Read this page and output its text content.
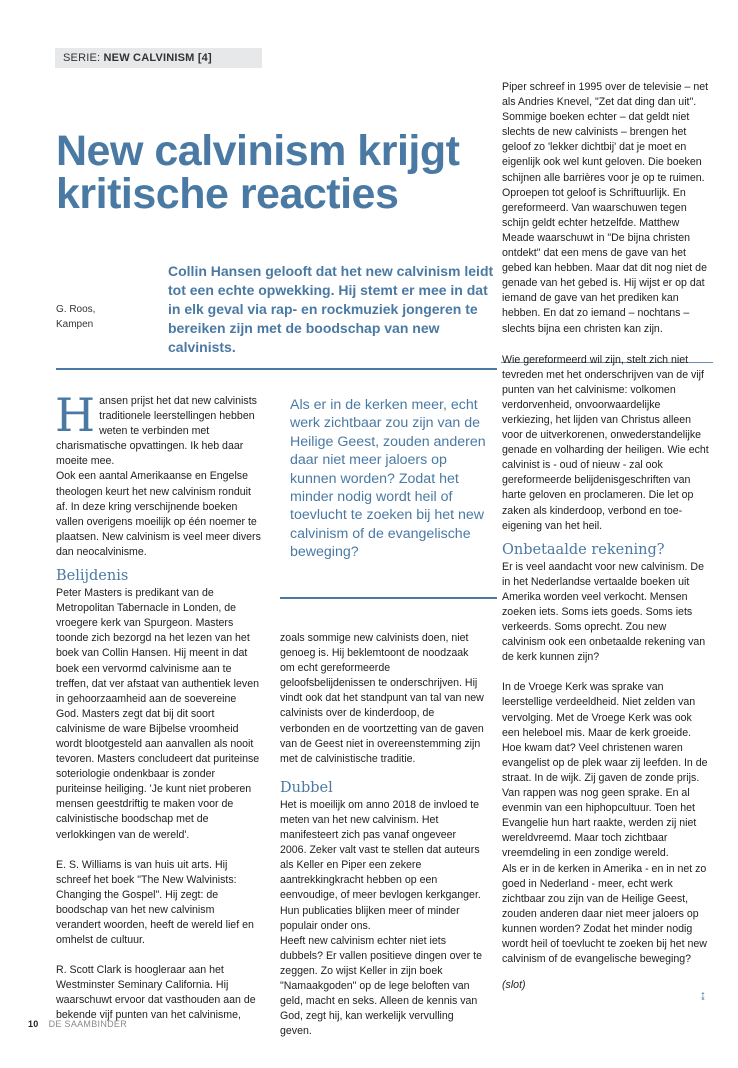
SERIE: NEW CALVINISM [4]
New calvinism krijgt kritische reacties
Collin Hansen gelooft dat het new calvinism leidt tot een echte opwekking. Hij stemt er mee in dat in elk geval via rap- en rockmuziek jongeren te bereiken zijn met de boodschap van new calvinists.
G. Roos,
Kampen

Hansen prijst het dat new calvinists traditionele leerstellingen hebben weten te verbinden met charismatische opvattingen. Ik heb daar moeite mee.

Ook een aantal Amerikaanse en Engelse theologen keurt het new calvinism ronduit af. In deze kring verschijnende boeken vallen overigens moeilijk op één noemer te plaatsen. New calvinism is veel meer divers dan neocalvinisme.

Belijdenis

Peter Masters is predikant van de Metropolitan Tabernacle in Londen, de vroegere kerk van Spurgeon. Masters toonde zich bezorgd na het lezen van het boek van Collin Hansen. Hij meent in dat boek een vervormd calvinisme aan te treffen, dat ver afstaat van authentiek leven in gehoorzaamheid aan de soevereine God. Masters zegt dat bij dit soort calvinisme de ware Bijbelse vroomheid wordt blootgesteld aan aanvallen als nooit tevoren. Masters concludeert dat puriteinse soteriologie ondenkbaar is zonder puriteinse heiliging. 'Je kunt niet proberen mensen geestdriftig te maken voor de calvinistische boodschap met de verlokkingen van de wereld'.

E. S. Williams is van huis uit arts. Hij schreef het boek "The New Walvinists: Changing the Gospel". Hij zegt: de boodschap van het new calvinism verandert woorden, heeft de wereld lief en omhelst de cultuur.

R. Scott Clark is hoogleraar aan het Westminster Seminary California. Hij waarschuwt ervoor dat vasthouden aan de bekende vijf punten van het calvinisme,

Als er in de kerken meer, echt werk zichtbaar zou zijn van de Heilige Geest, zouden anderen daar niet meer jaloers op kunnen worden? Zodat het minder nodig wordt heil of toevlucht te zoeken bij het new calvinism of de evangelische beweging?

zoals sommige new calvinists doen, niet genoeg is. Hij beklemtoont de noodzaak om echt gereformeerde geloofsbelijdenissen te onderschrijven. Hij vindt ook dat het standpunt van tal van new calvinists over de kinderdoop, de verbonden en de voortzetting van de gaven van de Geest niet in overeenstemming zijn met de calvinistische traditie.

Dubbel

Het is moeilijk om anno 2018 de invloed te meten van het new calvinism. Het manifesteert zich pas vanaf ongeveer 2006. Zeker valt vast te stellen dat auteurs als Keller en Piper een zekere aantrekkingkracht hebben op een eenvoudige, of meer bevlogen kerkganger. Hun publicaties blijken meer of minder populair onder ons.

Heeft new calvinism echter niet iets dubbels? Er vallen positieve dingen over te zeggen. Zo wijst Keller in zijn boek "Namaakgoden" op de lege beloften van geld, macht en seks. Alleen de kennis van God, zegt hij, kan werkelijk vervulling geven.

Piper schreef in 1995 over de televisie – net als Andries Knevel, "Zet dat ding dan uit". Sommige boeken echter – dat geldt niet slechts de new calvinists – brengen het geloof zo 'lekker dichtbij' dat je moet en eigenlijk ook wel kunt geloven. Die boeken schijnen alle barrières voor je op te ruimen.

Oproepen tot geloof is Schriftuurlijk. En gereformeerd. Van waarschuwen tegen schijn geldt echter hetzelfde. Matthew Meade waarschuwt in "De bijna christen ontdekt" dat een mens de gave van het gebed kan hebben. Maar dat dit nog niet de genade van het gebed is. Hij wijst er op dat iemand de gave van het prediken kan hebben. En dat zo iemand – nochtans – slechts bijna een christen kan zijn.

Wie gereformeerd wil zijn, stelt zich niet tevreden met het onderschrijven van de vijf punten van het calvinisme: volkomen verdorvenheid, onvoorwaardelijke verkiezing, het lijden van Christus alleen voor de uitverkorenen, onwederstandelijke genade en volharding der heiligen. Wie echt calvinist is - oud of nieuw - zal ook gereformeerde belijdenisgeschriften van harte geloven en proclameren. Die let op zaken als kinderdoop, verbond en toe-eigening van het heil.

Onbetaalde rekening?

Er is veel aandacht voor new calvinism. De in het Nederlandse vertaalde boeken uit Amerika worden veel verkocht. Mensen zoeken iets. Soms iets goeds. Soms iets verkeerds. Soms oprecht. Zou new calvinism ook een onbetaalde rekening van de kerk kunnen zijn?

In de Vroege Kerk was sprake van leerstellige verdeeldheid. Niet zelden van vervolging. Met de Vroege Kerk was ook een heleboel mis. Maar de kerk groeide. Hoe kwam dat? Veel christenen waren evangelist op de plek waar zij leefden. In de straat. In de wijk. Zij gaven de zonde prijs. Van rappen was nog geen sprake. En al evenmin van een hiphopcultuur. Toen het Evangelie hun hart raakte, werden zij niet wereldvreemd. Maar toch zichtbaar vreemdeling in een zondige wereld.

Als er in de kerken in Amerika - en in net zo goed in Nederland - meer, echt werk zichtbaar zou zijn van de Heilige Geest, zouden anderen daar niet meer jaloers op kunnen worden? Zodat het minder nodig wordt heil of toevlucht te zoeken bij het new calvinism of de evangelische beweging?

(slot)
↨
10 DE SAAMBINDER
